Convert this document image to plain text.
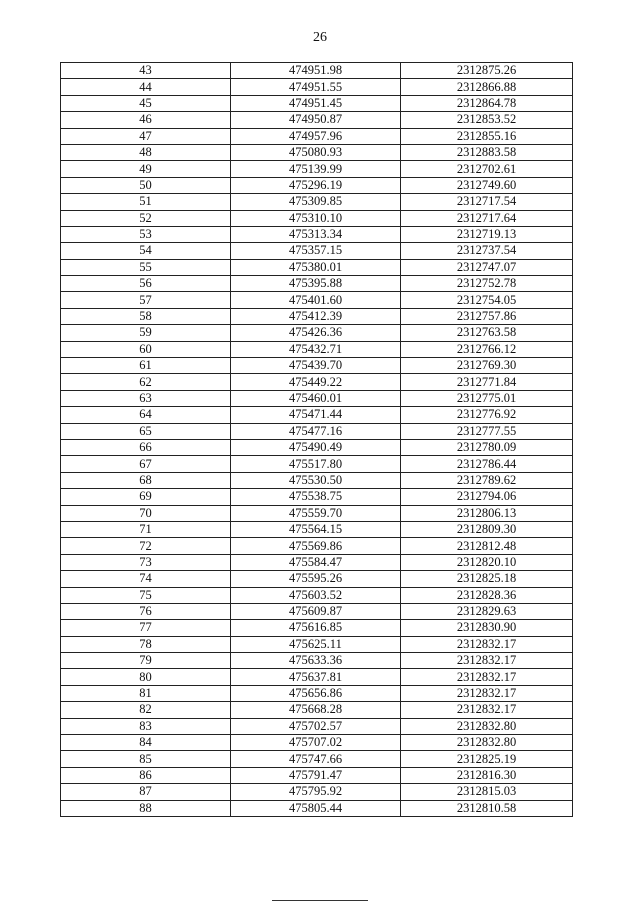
26
43	474951.98	2312875.26
44	474951.55	2312866.88
45	474951.45	2312864.78
46	474950.87	2312853.52
47	474957.96	2312855.16
48	475080.93	2312883.58
49	475139.99	2312702.61
50	475296.19	2312749.60
51	475309.85	2312717.54
52	475310.10	2312717.64
53	475313.34	2312719.13
54	475357.15	2312737.54
55	475380.01	2312747.07
56	475395.88	2312752.78
57	475401.60	2312754.05
58	475412.39	2312757.86
59	475426.36	2312763.58
60	475432.71	2312766.12
61	475439.70	2312769.30
62	475449.22	2312771.84
63	475460.01	2312775.01
64	475471.44	2312776.92
65	475477.16	2312777.55
66	475490.49	2312780.09
67	475517.80	2312786.44
68	475530.50	2312789.62
69	475538.75	2312794.06
70	475559.70	2312806.13
71	475564.15	2312809.30
72	475569.86	2312812.48
73	475584.47	2312820.10
74	475595.26	2312825.18
75	475603.52	2312828.36
76	475609.87	2312829.63
77	475616.85	2312830.90
78	475625.11	2312832.17
79	475633.36	2312832.17
80	475637.81	2312832.17
81	475656.86	2312832.17
82	475668.28	2312832.17
83	475702.57	2312832.80
84	475707.02	2312832.80
85	475747.66	2312825.19
86	475791.47	2312816.30
87	475795.92	2312815.03
88	475805.44	2312810.58
